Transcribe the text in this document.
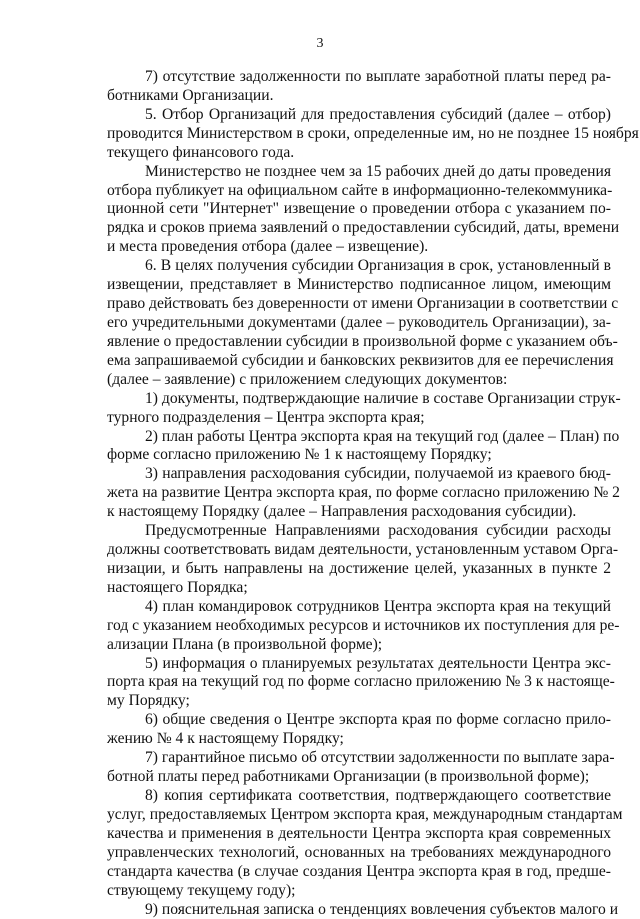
3
7) отсутствие задолженности по выплате заработной платы перед ра-
ботниками Организации.
5. Отбор Организаций для предоставления субсидий (далее – отбор)
проводится Министерством в сроки, определенные им, но не позднее 15 ноября
текущего финансового года.
Министерство не позднее чем за 15 рабочих дней до даты проведения
отбора публикует на официальном сайте в информационно-телекоммуника-
ционной сети "Интернет" извещение о проведении отбора с указанием по-
рядка и сроков приема заявлений о предоставлении субсидий, даты, времени
и места проведения отбора (далее – извещение).
6. В целях получения субсидии Организация в срок, установленный в
извещении, представляет в Министерство подписанное лицом, имеющим
право действовать без доверенности от имени Организации в соответствии с
его учредительными документами (далее – руководитель Организации), за-
явление о предоставлении субсидии в произвольной форме с указанием объ-
ема запрашиваемой субсидии и банковских реквизитов для ее перечисления
(далее – заявление) с приложением следующих документов:
1) документы, подтверждающие наличие в составе Организации струк-
турного подразделения – Центра экспорта края;
2) план работы Центра экспорта края на текущий год (далее – План) по
форме согласно приложению № 1 к настоящему Порядку;
3) направления расходования субсидии, получаемой из краевого бюд-
жета на развитие Центра экспорта края, по форме согласно приложению № 2
к настоящему Порядку (далее – Направления расходования субсидии).
Предусмотренные Направлениями расходования субсидии расходы
должны соответствовать видам деятельности, установленным уставом Орга-
низации, и быть направлены на достижение целей, указанных в пункте 2
настоящего Порядка;
4) план командировок сотрудников Центра экспорта края на текущий
год с указанием необходимых ресурсов и источников их поступления для ре-
ализации Плана (в произвольной форме);
5) информация о планируемых результатах деятельности Центра экс-
порта края на текущий год по форме согласно приложению № 3 к настояще-
му Порядку;
6) общие сведения о Центре экспорта края по форме согласно прило-
жению № 4 к настоящему Порядку;
7) гарантийное письмо об отсутствии задолженности по выплате зара-
ботной платы перед работниками Организации (в произвольной форме);
8) копия сертификата соответствия, подтверждающего соответствие
услуг, предоставляемых Центром экспорта края, международным стандартам
качества и применения в деятельности Центра экспорта края современных
управленческих технологий, основанных на требованиях международного
стандарта качества (в случае создания Центра экспорта края в год, предше-
ствующему текущему году);
9) пояснительная записка о тенденциях вовлечения субъектов малого и
